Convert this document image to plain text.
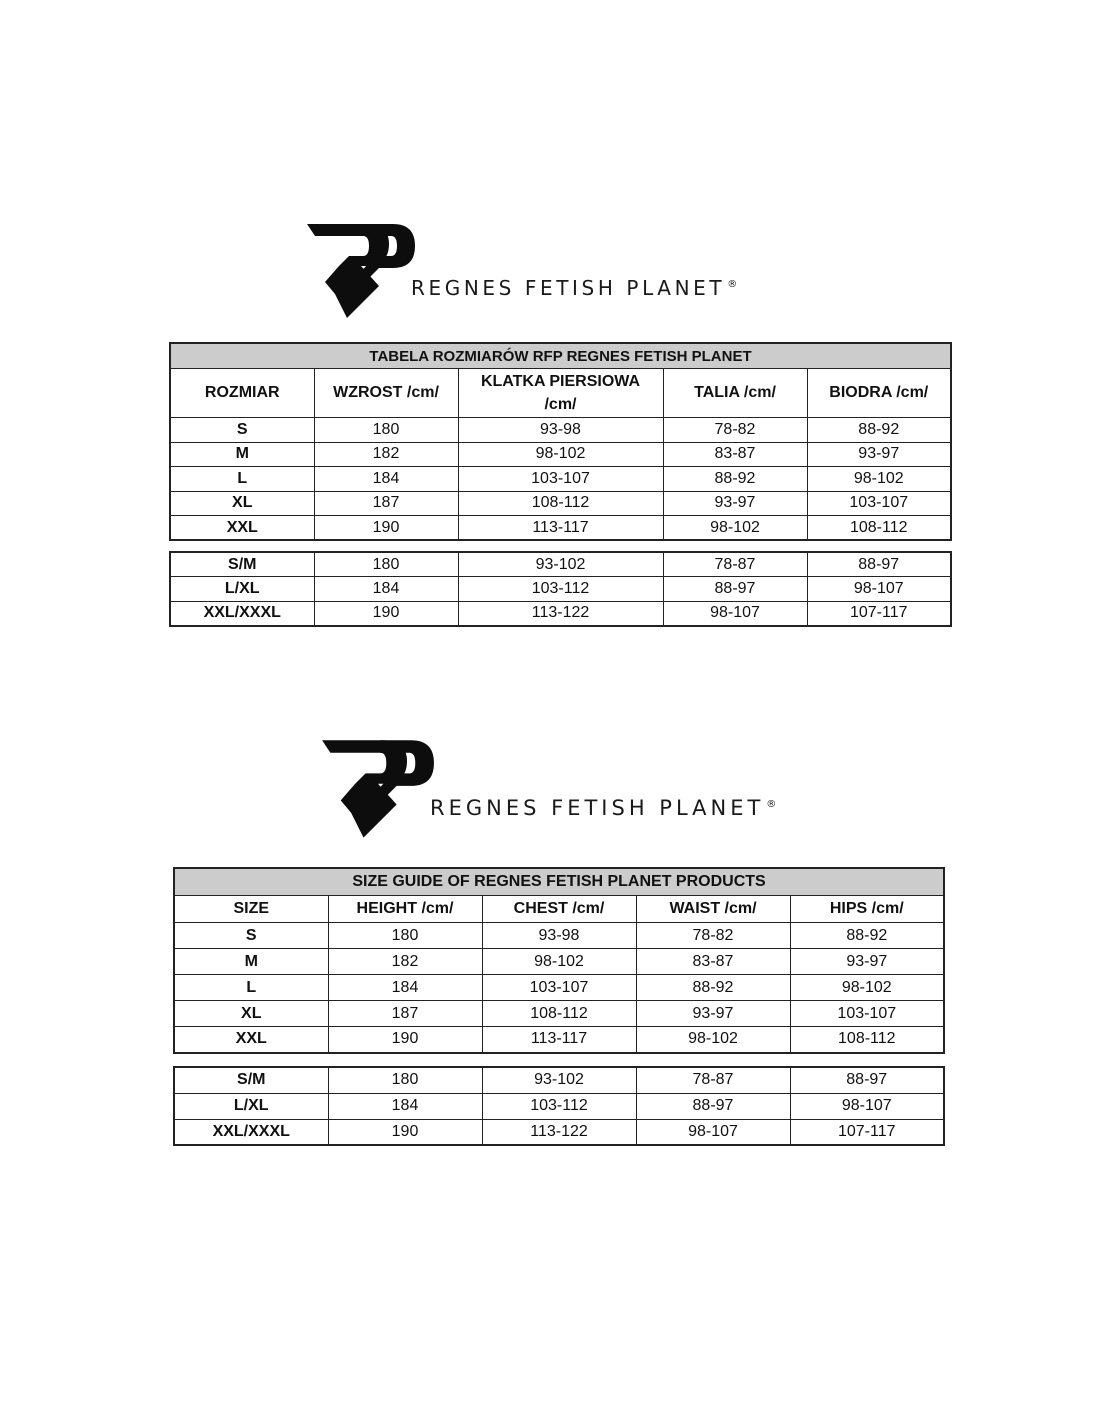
REGNES FETISH PLANET ®
TABELA ROZMIARÓW RFP REGNES FETISH PLANET				
ROZMIAR	WZROST /cm/	KLATKA PIERSIOWA /cm/	TALIA /cm/	BIODRA /cm/
S	180	93-98	78-82	88-92
M	182	98-102	83-87	93-97
L	184	103-107	88-92	98-102
XL	187	108-112	93-97	103-107
XXL	190	113-117	98-102	108-112
S/M	180	93-102	78-87	88-97
L/XL	184	103-112	88-97	98-107
XXL/XXXL	190	113-122	98-107	107-117
REGNES FETISH PLANET ®
SIZE GUIDE OF REGNES FETISH PLANET PRODUCTS				
SIZE	HEIGHT /cm/	CHEST /cm/	WAIST /cm/	HIPS /cm/
S	180	93-98	78-82	88-92
M	182	98-102	83-87	93-97
L	184	103-107	88-92	98-102
XL	187	108-112	93-97	103-107
XXL	190	113-117	98-102	108-112
S/M	180	93-102	78-87	88-97
L/XL	184	103-112	88-97	98-107
XXL/XXXL	190	113-122	98-107	107-117
